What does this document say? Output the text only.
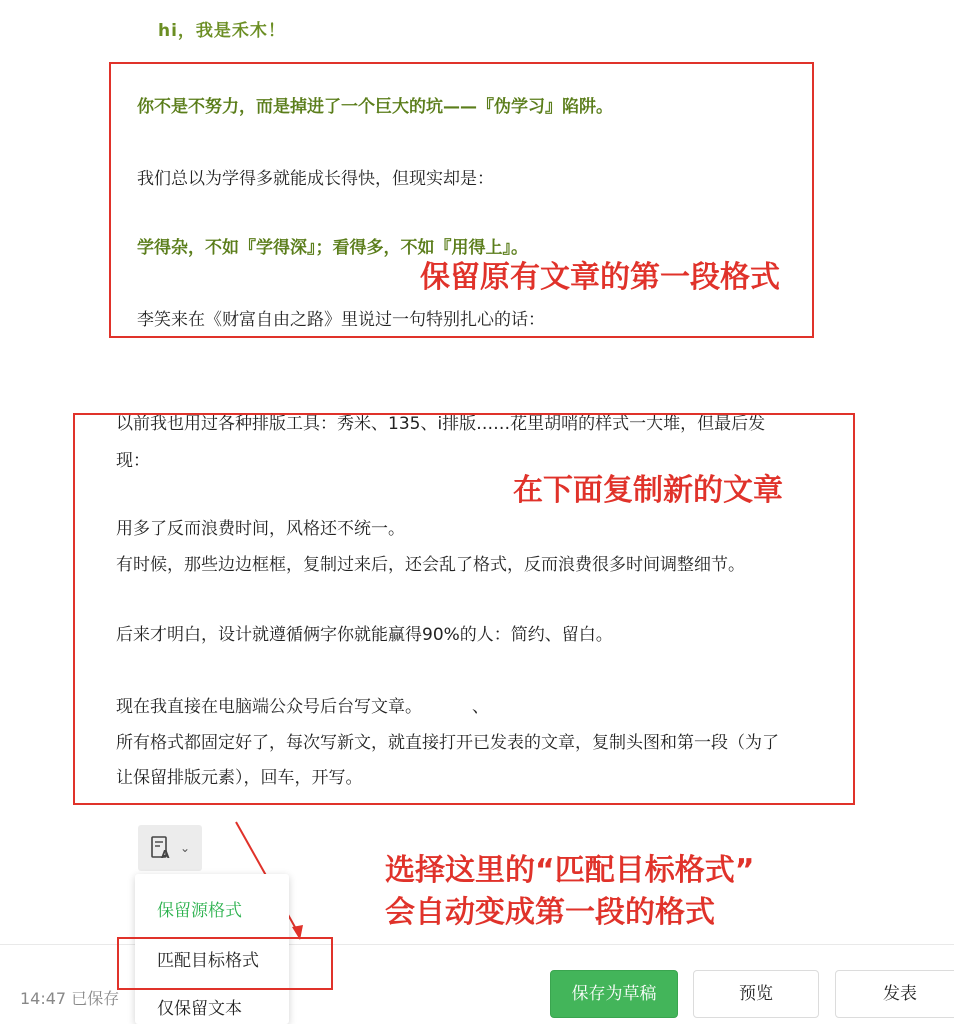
hi，我是禾木！
你不是不努力，而是掉进了一个巨大的坑——『伪学习』陷阱。
我们总以为学得多就能成长得快，但现实却是：
学得杂，不如『学得深』；看得多，不如『用得上』。
李笑来在《财富自由之路》里说过一句特别扎心的话：
保留原有文章的第一段格式
以前我也用过各种排版工具：秀米、135、i排版……花里胡哨的样式一大堆，但最后发
现：
用多了反而浪费时间，风格还不统一。
有时候，那些边边框框，复制过来后，还会乱了格式，反而浪费很多时间调整细节。
后来才明白，设计就遵循俩字你就能赢得90%的人：简约、留白。
现在我直接在电脑端公众号后台写文章。	、
所有格式都固定好了，每次写新文，就直接打开已发表的文章，复制头图和第一段（为了
让保留排版元素），回车，开写。
在下面复制新的文章
选择这里的“匹配目标格式”
会自动变成第一段的格式
14:47 已保存	保存为草稿	预览	发表
A ⌄
保留源格式
匹配目标格式
仅保留文本
